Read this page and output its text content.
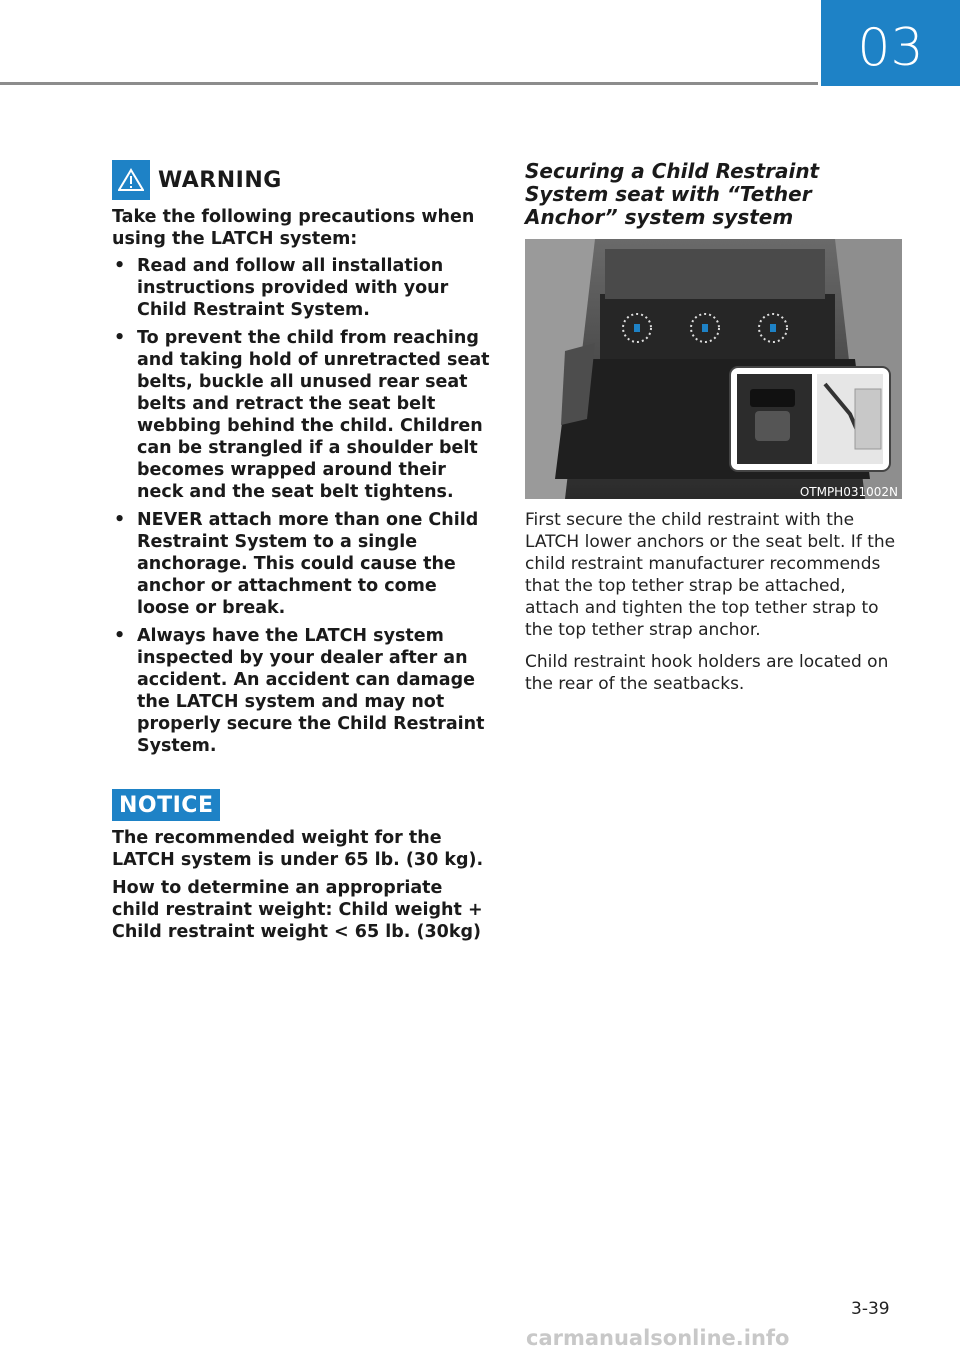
03
WARNING
Take the following precautions when using the LATCH system:
• Read and follow all installation instructions provided with your Child Restraint System.
• To prevent the child from reaching and taking hold of unretracted seat belts, buckle all unused rear seat belts and retract the seat belt webbing behind the child. Children can be strangled if a shoulder belt becomes wrapped around their neck and the seat belt tightens.
• NEVER attach more than one Child Restraint System to a single anchorage. This could cause the anchor or attachment to come loose or break.
• Always have the LATCH system inspected by your dealer after an accident. An accident can damage the LATCH system and may not properly secure the Child Restraint System.
NOTICE
The recommended weight for the LATCH system is under 65 lb. (30 kg).
How to determine an appropriate child restraint weight: Child weight + Child restraint weight < 65 lb. (30kg)
Securing a Child Restraint System seat with “Tether Anchor” system system
OTMPH031002N

First secure the child restraint with the LATCH lower anchors or the seat belt. If the child restraint manufacturer recommends that the top tether strap be attached, attach and tighten the top tether strap to the top tether strap anchor.

Child restraint hook holders are located on the rear of the seatbacks.

3-39
carmanualsonline.info
